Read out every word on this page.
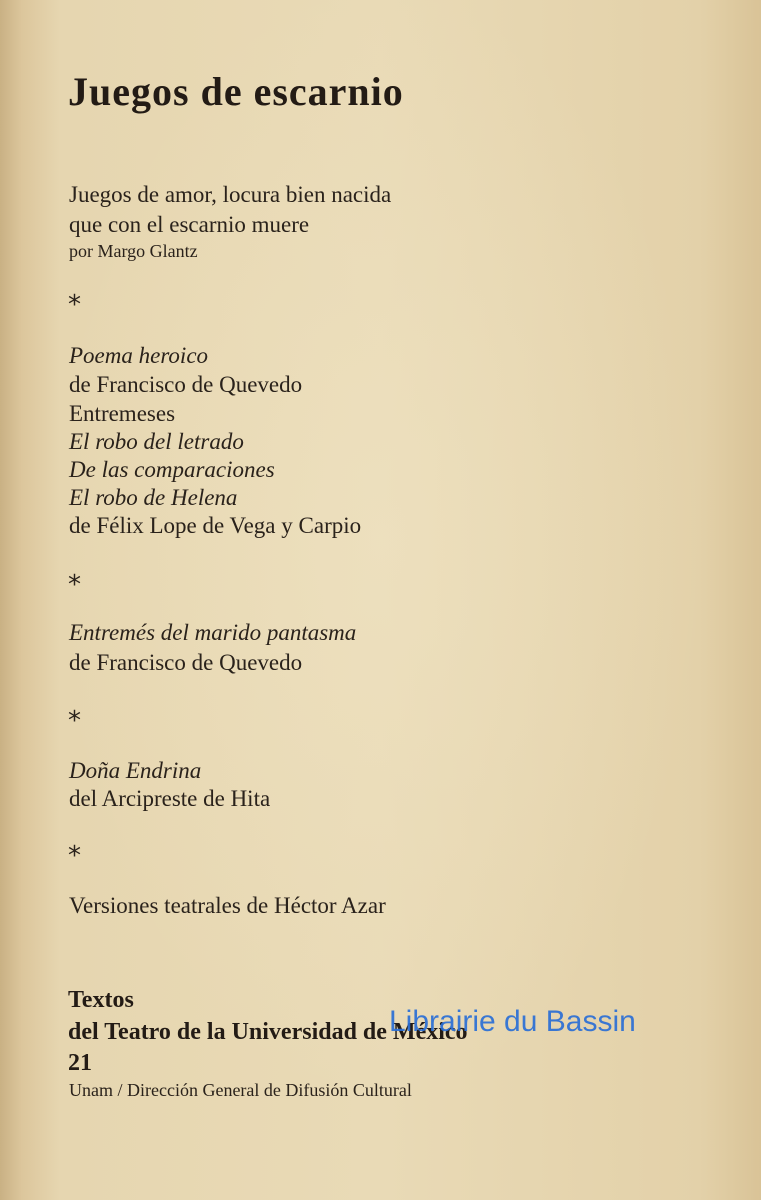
Juegos de escarnio
Juegos de amor, locura bien nacida
que con el escarnio muere
por Margo Glantz
*
Poema heroico
de Francisco de Quevedo
Entremeses
El robo del letrado
De las comparaciones
El robo de Helena
de Félix Lope de Vega y Carpio
*
Entremés del marido pantasma
de Francisco de Quevedo
*
Doña Endrina
del Arcipreste de Hita
*
Versiones teatrales de Héctor Azar
Textos
del Teatro de la Universidad de México
21
Unam / Dirección General de Difusión Cultural
Librairie du Bassin
